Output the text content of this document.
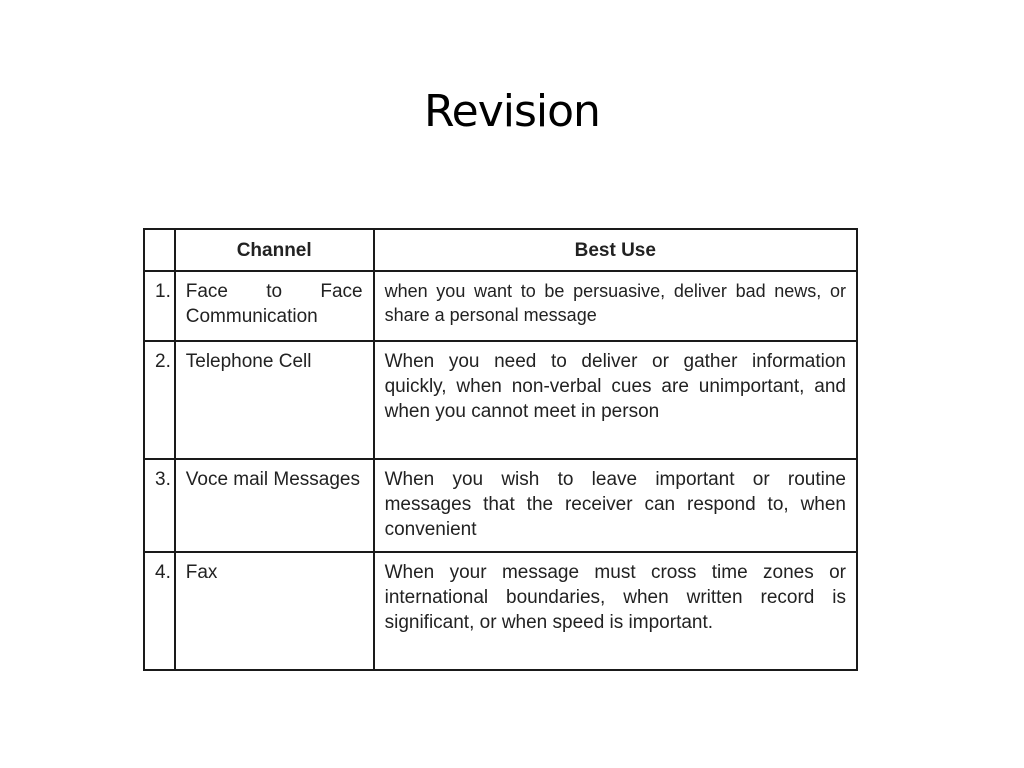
Revision
	Channel	Best Use
1.	Face to Face Communication	when you want to be persuasive, deliver bad news, or share a personal message
2.	Telephone Cell	When you need to deliver or gather information quickly, when non-verbal cues are unimportant, and when you cannot meet in person
3.	Voce mail Messages	When you wish to leave important or routine messages that the receiver can respond to, when convenient
4.	Fax	When your message must cross time zones or international boundaries, when written record is significant, or when speed is important.
